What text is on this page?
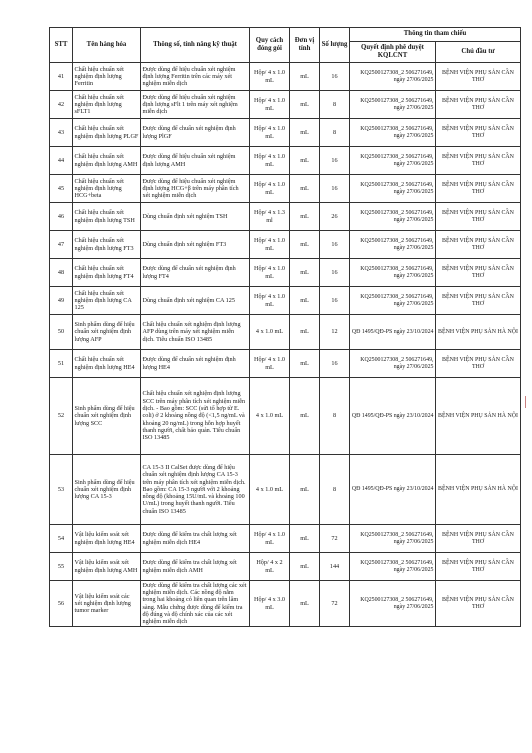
STT	Tên hàng hóa	Thông số, tính năng kỹ thuật	Quy cách đóng gói	Đơn vị tính	Số lượng	Thông tin tham chiếu	
						Quyết định phê duyệt KQLCNT	Chủ đầu tư
41	Chất hiệu chuẩn xét nghiệm định lượng Ferritin	Được dùng để hiệu chuẩn xét nghiệm định lượng Ferritin trên các máy xét nghiệm miễn dịch	Hộp/ 4 x 1.0 mL	mL	16	KQ2500127308_2 506271649, ngày 27/06/2025	BỆNH VIỆN PHỤ SẢN CẦN THƠ
42	Chất hiệu chuẩn xét nghiệm định lượng sFLT1	Được dùng để hiệu chuẩn xét nghiệm định lượng sFlt 1 trên máy xét nghiệm miễn dịch	Hộp/ 4 x 1.0 mL	mL	8	KQ2500127308_2 506271649, ngày 27/06/2025	BỆNH VIỆN PHỤ SẢN CẦN THƠ
43	Chất hiệu chuẩn xét nghiệm định lượng PLGF	Được dùng để chuẩn xét nghiệm định lượng PlGF	Hộp/ 4 x 1.0 mL	mL	8	KQ2500127308_2 506271649, ngày 27/06/2025	BỆNH VIỆN PHỤ SẢN CẦN THƠ
44	Chất hiệu chuẩn xét nghiệm định lượng AMH	Được dùng để hiệu chuẩn xét nghiệm định lượng AMH	Hộp/ 4 x 1.0 mL	mL	16	KQ2500127308_2 506271649, ngày 27/06/2025	BỆNH VIỆN PHỤ SẢN CẦN THƠ
45	Chất hiệu chuẩn xét nghiệm định lượng HCG+beta	Được dùng để hiệu chuẩn xét nghiệm định lượng HCG+β trên máy phân tích xét nghiệm miễn dịch	Hộp/ 4 x 1.0 mL	mL	16	KQ2500127308_2 506271649, ngày 27/06/2025	BỆNH VIỆN PHỤ SẢN CẦN THƠ
46	Chất hiệu chuẩn xét nghiệm định lượng TSH	Dùng chuẩn định xét nghiệm TSH	Hộp/ 4 x 1.3 ml	mL	26	KQ2500127308_2 506271649, ngày 27/06/2025	BỆNH VIỆN PHỤ SẢN CẦN THƠ
47	Chất hiệu chuẩn xét nghiệm định lượng FT3	Dùng chuẩn định xét nghiệm FT3	Hộp/ 4 x 1.0 mL	mL	16	KQ2500127308_2 506271649, ngày 27/06/2025	BỆNH VIỆN PHỤ SẢN CẦN THƠ
48	Chất hiệu chuẩn xét nghiệm định lượng FT4	Được dùng để chuẩn xét nghiệm định lượng FT4	Hộp/ 4 x 1.0 mL	mL	16	KQ2500127308_2 506271649, ngày 27/06/2025	BỆNH VIỆN PHỤ SẢN CẦN THƠ
49	Chất hiệu chuẩn xét nghiệm định lượng CA 125	Dùng chuẩn định xét nghiệm CA 125	Hộp/ 4 x 1.0 mL	mL	16	KQ2500127308_2 506271649, ngày 27/06/2025	BỆNH VIỆN PHỤ SẢN CẦN THƠ
50	Sinh phẩm dùng để hiệu chuẩn xét nghiệm định lượng AFP	Chất hiệu chuẩn xét nghiệm định lượng AFP dùng trên máy xét nghiệm miễn dịch. Tiêu chuẩn ISO 13485	4 x 1.0 mL	mL	12	QĐ 1495/QĐ-PS ngày 23/10/2024	BỆNH VIỆN PHỤ SẢN HÀ NỘI
51	Chất hiệu chuẩn xét nghiệm định lượng HE4	Được dùng để chuẩn xét nghiệm định lượng HE4	Hộp/ 4 x 1.0 mL	mL	16	KQ2500127308_2 506271649, ngày 27/06/2025	BỆNH VIỆN PHỤ SẢN CẦN THƠ
52	Sinh phẩm dùng để hiệu chuẩn xét nghiệm định lượng SCC	Chất hiệu chuẩn xét nghiệm định lượng SCC trên máy phân tích xét nghiệm miễn dịch. - Bao gồm: SCC (sửi tổ hợp từ E. coli) ở 2 khoảng nồng độ (<1,5 ng/mL và khoảng 20 ng/mL) trong hỗn hợp huyết thanh người, chất bảo quản. Tiêu chuẩn ISO 13485	4 x 1.0 mL	mL	8	QĐ 1495/QĐ-PS ngày 23/10/2024	BỆNH VIỆN PHỤ SẢN HÀ NỘI
53	Sinh phẩm dùng để hiệu chuẩn xét nghiệm định lượng CA 15-3	CA 15-3 II CalSet được dùng để hiệu chuẩn xét nghiệm định lượng CA 15-3 trên máy phân tích xét nghiệm miễn dịch. Bao gồm: CA 15-3 người với 2 khoảng nồng độ (khoảng 15U/mL và khoảng 100 U/mL) trong huyết thanh người. Tiêu chuẩn ISO 13485	4 x 1.0 mL	mL	8	QĐ 1495/QĐ-PS ngày 23/10/2024	BỆNH VIỆN PHỤ SẢN HÀ NỘI
54	Vật liệu kiểm soát xét nghiệm định lượng HE4	Được dùng để kiểm tra chất lượng xét nghiệm miễn dịch HE4	Hộp/ 4 x 1.0 mL	mL	72	KQ2500127308_2 506271649, ngày 27/06/2025	BỆNH VIỆN PHỤ SẢN CẦN THƠ
55	Vật liệu kiểm soát xét nghiệm định lượng AMH	Được dùng để kiểm tra chất lượng xét nghiệm miễn dịch AMH	Hộp/ 4 x 2 mL	mL	144	KQ2500127308_2 506271649, ngày 27/06/2025	BỆNH VIỆN PHỤ SẢN CẦN THƠ
56	Vật liệu kiểm soát các xét nghiệm định lượng tumor marker	Được dùng để kiểm tra chất lượng các xét nghiệm miễn dịch. Các nồng độ nằm trong hai khoảng có liên quan trên lâm sàng. Mẫu chứng được dùng để kiểm tra độ đúng và độ chính xác của các xét nghiệm miễn dịch	Hộp/ 4 x 3.0 mL	mL	72	KQ2500127308_2 506271649, ngày 27/06/2025	BỆNH VIỆN PHỤ SẢN CẦN THƠ
